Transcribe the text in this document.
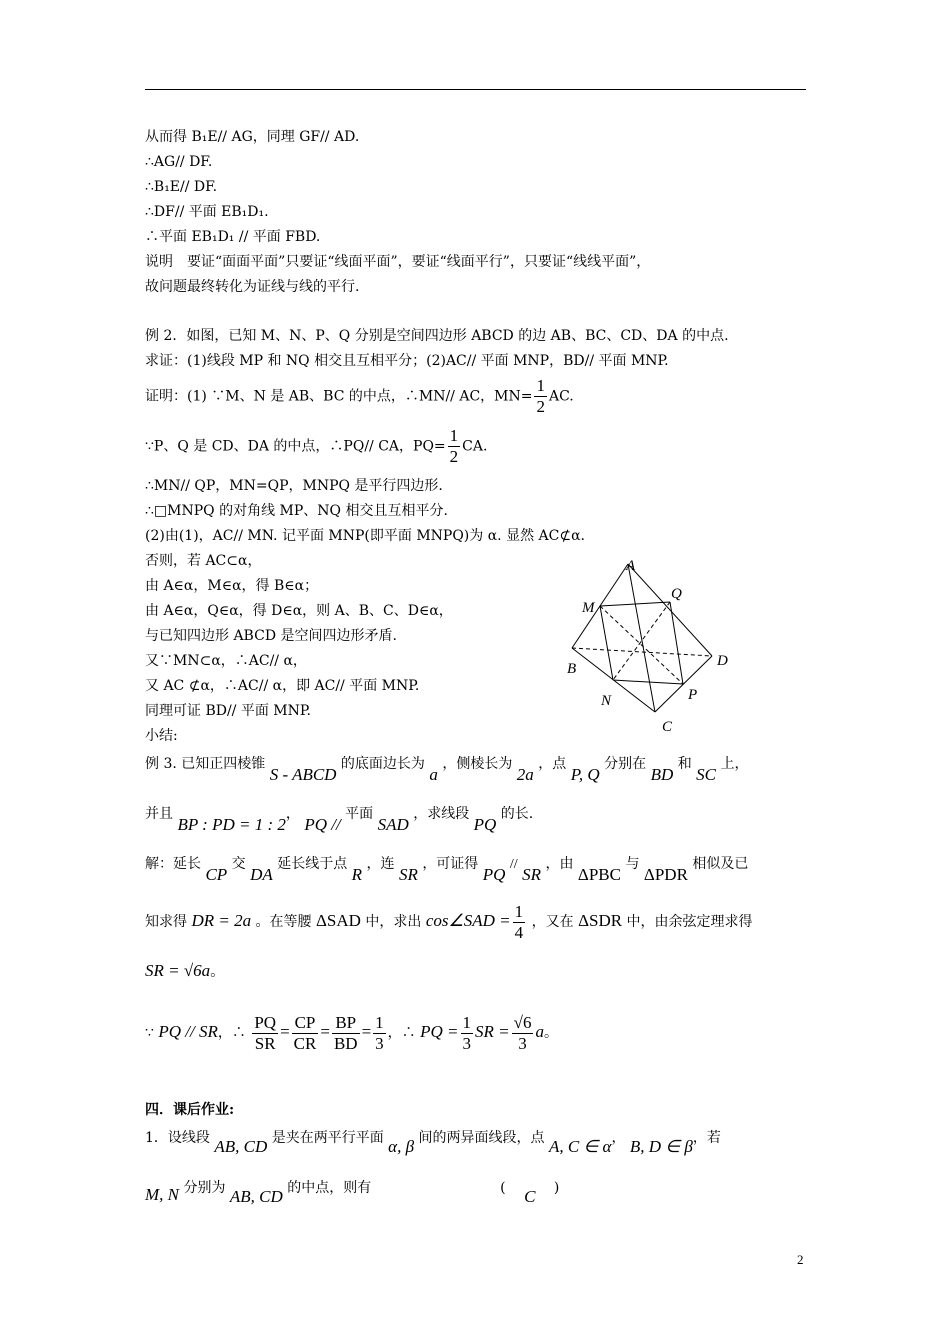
从而得 B₁E// AG，同理 GF// AD.
∴AG// DF.
∴B₁E// DF.
∴DF// 平面 EB₁D₁.
∴平面 EB₁D₁ // 平面 FBD.
说明　要证“面面平面”只要证“线面平面”，要证“线面平行”，只要证“线线平面”，
故问题最终转化为证线与线的平行.
例 2．如图，已知 M、N、P、Q 分别是空间四边形 ABCD 的边 AB、BC、CD、DA 的中点.
求证：(1)线段 MP 和 NQ 相交且互相平分；(2)AC// 平面 MNP，BD// 平面 MNP.
证明：(1) ∵M、N 是 AB、BC 的中点，∴MN// AC，$MN= \frac{1}{2}$ AC.
∵P、Q 是 CD、DA 的中点，∴PQ// CA，$PQ= \frac{1}{2}$ CA.
∴MN// QP，MN=QP，MNPQ 是平行四边形.
∴□MNPQ 的对角线 MP、NQ 相交且互相平分.
(2)由(1)，AC// MN. 记平面 MNP(即平面 MNPQ)为 α. 显然 AC⊄α.
否则，若 AC⊂α，
由 A∈α，M∈α，得 B∈α；
由 A∈α，Q∈α，得 D∈α，则 A、B、C、D∈α，
与已知四边形 ABCD 是空间四边形矛盾.
又∵MN⊂α，∴AC// α，
又 AC ⊄α，∴AC// α，即 AC// 平面 MNP.
同理可证 BD// 平面 MNP.
小结:
A
Q
M
D
B
P
N
C
例 3. 已知正四棱锥 S - ABCD 的底面边长为 a ，侧棱长为 2a ，点 P, Q 分别在 BD 和 SC 上，
并且 BP : PD = 1 : 2， PQ // 平面 SAD ，求线段 PQ 的长.
解：延长 CP 交 DA 延长线于点 R ，连 SR ，可证得 PQ // SR ，由 ΔPBC 与 ΔPDR 相似及已
知求得 DR = 2a 。在等腰 ΔSAD 中，求出 cos∠SAD = $\frac{1}{4}$ ，又在 ΔSDR 中，由余弦定理求得
SR = √6a。
∵ PQ // SR，∴ $\frac{PQ}{SR} = \frac{CP}{CR} = \frac{BP}{BD} = \frac{1}{3}$ ，∴ PQ = $\frac{1}{3}$ SR = $\frac{√6}{3}$ a。
四．课后作业:
1．设线段 AB, CD 是夹在两平行平面 α, β 间的两异面线段，点 A, C ∈ α， B, D ∈ β，若
M, N 分别为 AB, CD 的中点，则有	( C )
2
